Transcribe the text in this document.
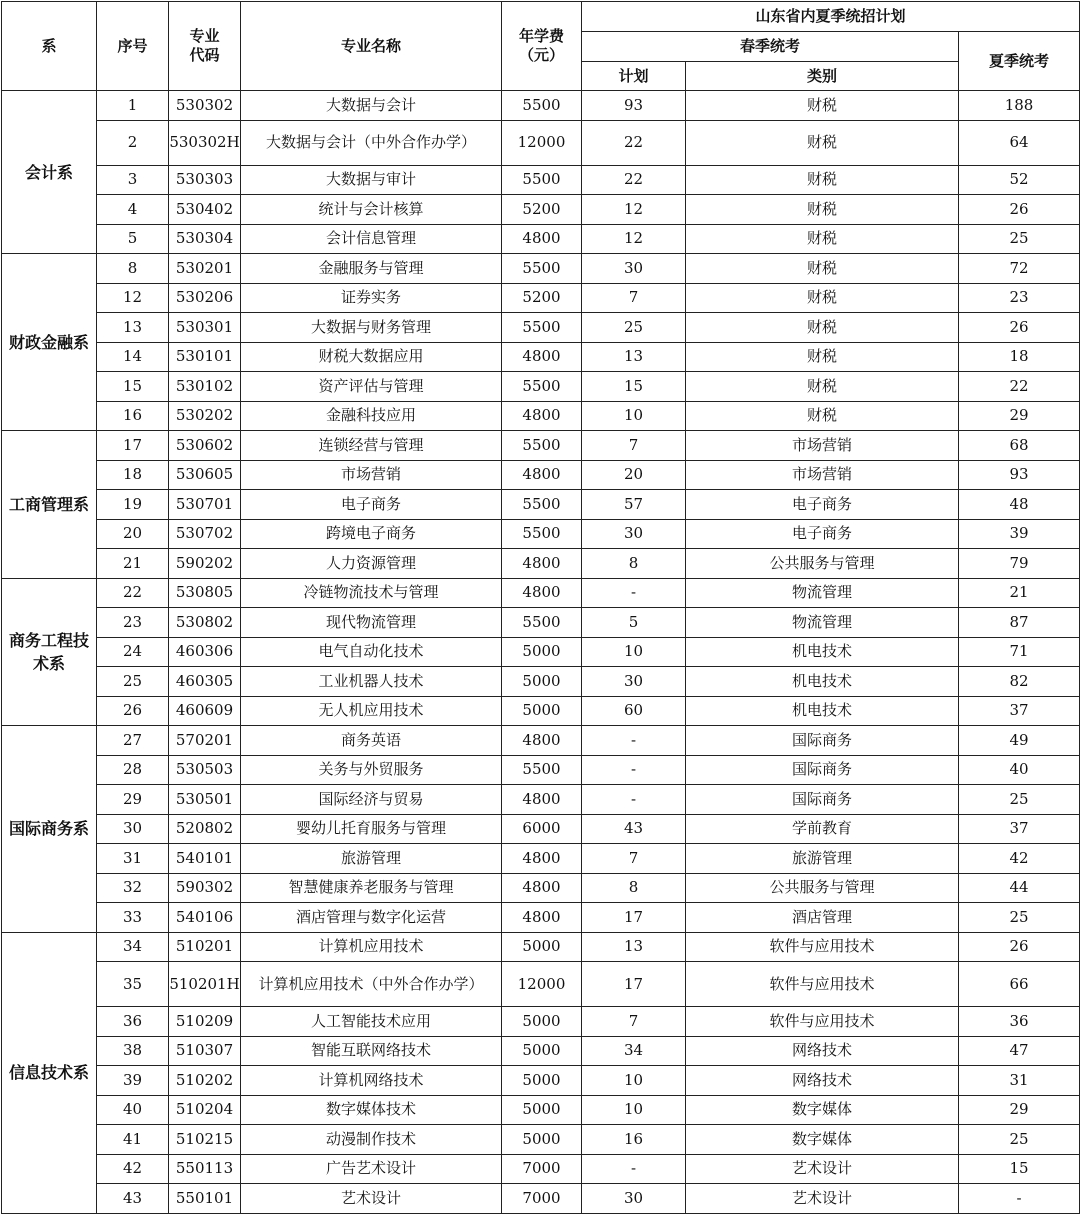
系	序号	专业代码	专业名称	年学费（元）	山东省内夏季统招计划		
					春季统考		夏季统考
					计划	类别	
会计系	1	530302	大数据与会计	5500	93	财税	188
	2	530302H	大数据与会计（中外合作办学）	12000	22	财税	64
	3	530303	大数据与审计	5500	22	财税	52
	4	530402	统计与会计核算	5200	12	财税	26
	5	530304	会计信息管理	4800	12	财税	25
财政金融系	8	530201	金融服务与管理	5500	30	财税	72
	12	530206	证券实务	5200	7	财税	23
	13	530301	大数据与财务管理	5500	25	财税	26
	14	530101	财税大数据应用	4800	13	财税	18
	15	530102	资产评估与管理	5500	15	财税	22
	16	530202	金融科技应用	4800	10	财税	29
工商管理系	17	530602	连锁经营与管理	5500	7	市场营销	68
	18	530605	市场营销	4800	20	市场营销	93
	19	530701	电子商务	5500	57	电子商务	48
	20	530702	跨境电子商务	5500	30	电子商务	39
	21	590202	人力资源管理	4800	8	公共服务与管理	79
商务工程技术系	22	530805	冷链物流技术与管理	4800	-	物流管理	21
	23	530802	现代物流管理	5500	5	物流管理	87
	24	460306	电气自动化技术	5000	10	机电技术	71
	25	460305	工业机器人技术	5000	30	机电技术	82
	26	460609	无人机应用技术	5000	60	机电技术	37
国际商务系	27	570201	商务英语	4800	-	国际商务	49
	28	530503	关务与外贸服务	5500	-	国际商务	40
	29	530501	国际经济与贸易	4800	-	国际商务	25
	30	520802	婴幼儿托育服务与管理	6000	43	学前教育	37
	31	540101	旅游管理	4800	7	旅游管理	42
	32	590302	智慧健康养老服务与管理	4800	8	公共服务与管理	44
	33	540106	酒店管理与数字化运营	4800	17	酒店管理	25
信息技术系	34	510201	计算机应用技术	5000	13	软件与应用技术	26
	35	510201H	计算机应用技术（中外合作办学）	12000	17	软件与应用技术	66
	36	510209	人工智能技术应用	5000	7	软件与应用技术	36
	38	510307	智能互联网络技术	5000	34	网络技术	47
	39	510202	计算机网络技术	5000	10	网络技术	31
	40	510204	数字媒体技术	5000	10	数字媒体	29
	41	510215	动漫制作技术	5000	16	数字媒体	25
	42	550113	广告艺术设计	7000	-	艺术设计	15
	43	550101	艺术设计	7000	30	艺术设计	-
